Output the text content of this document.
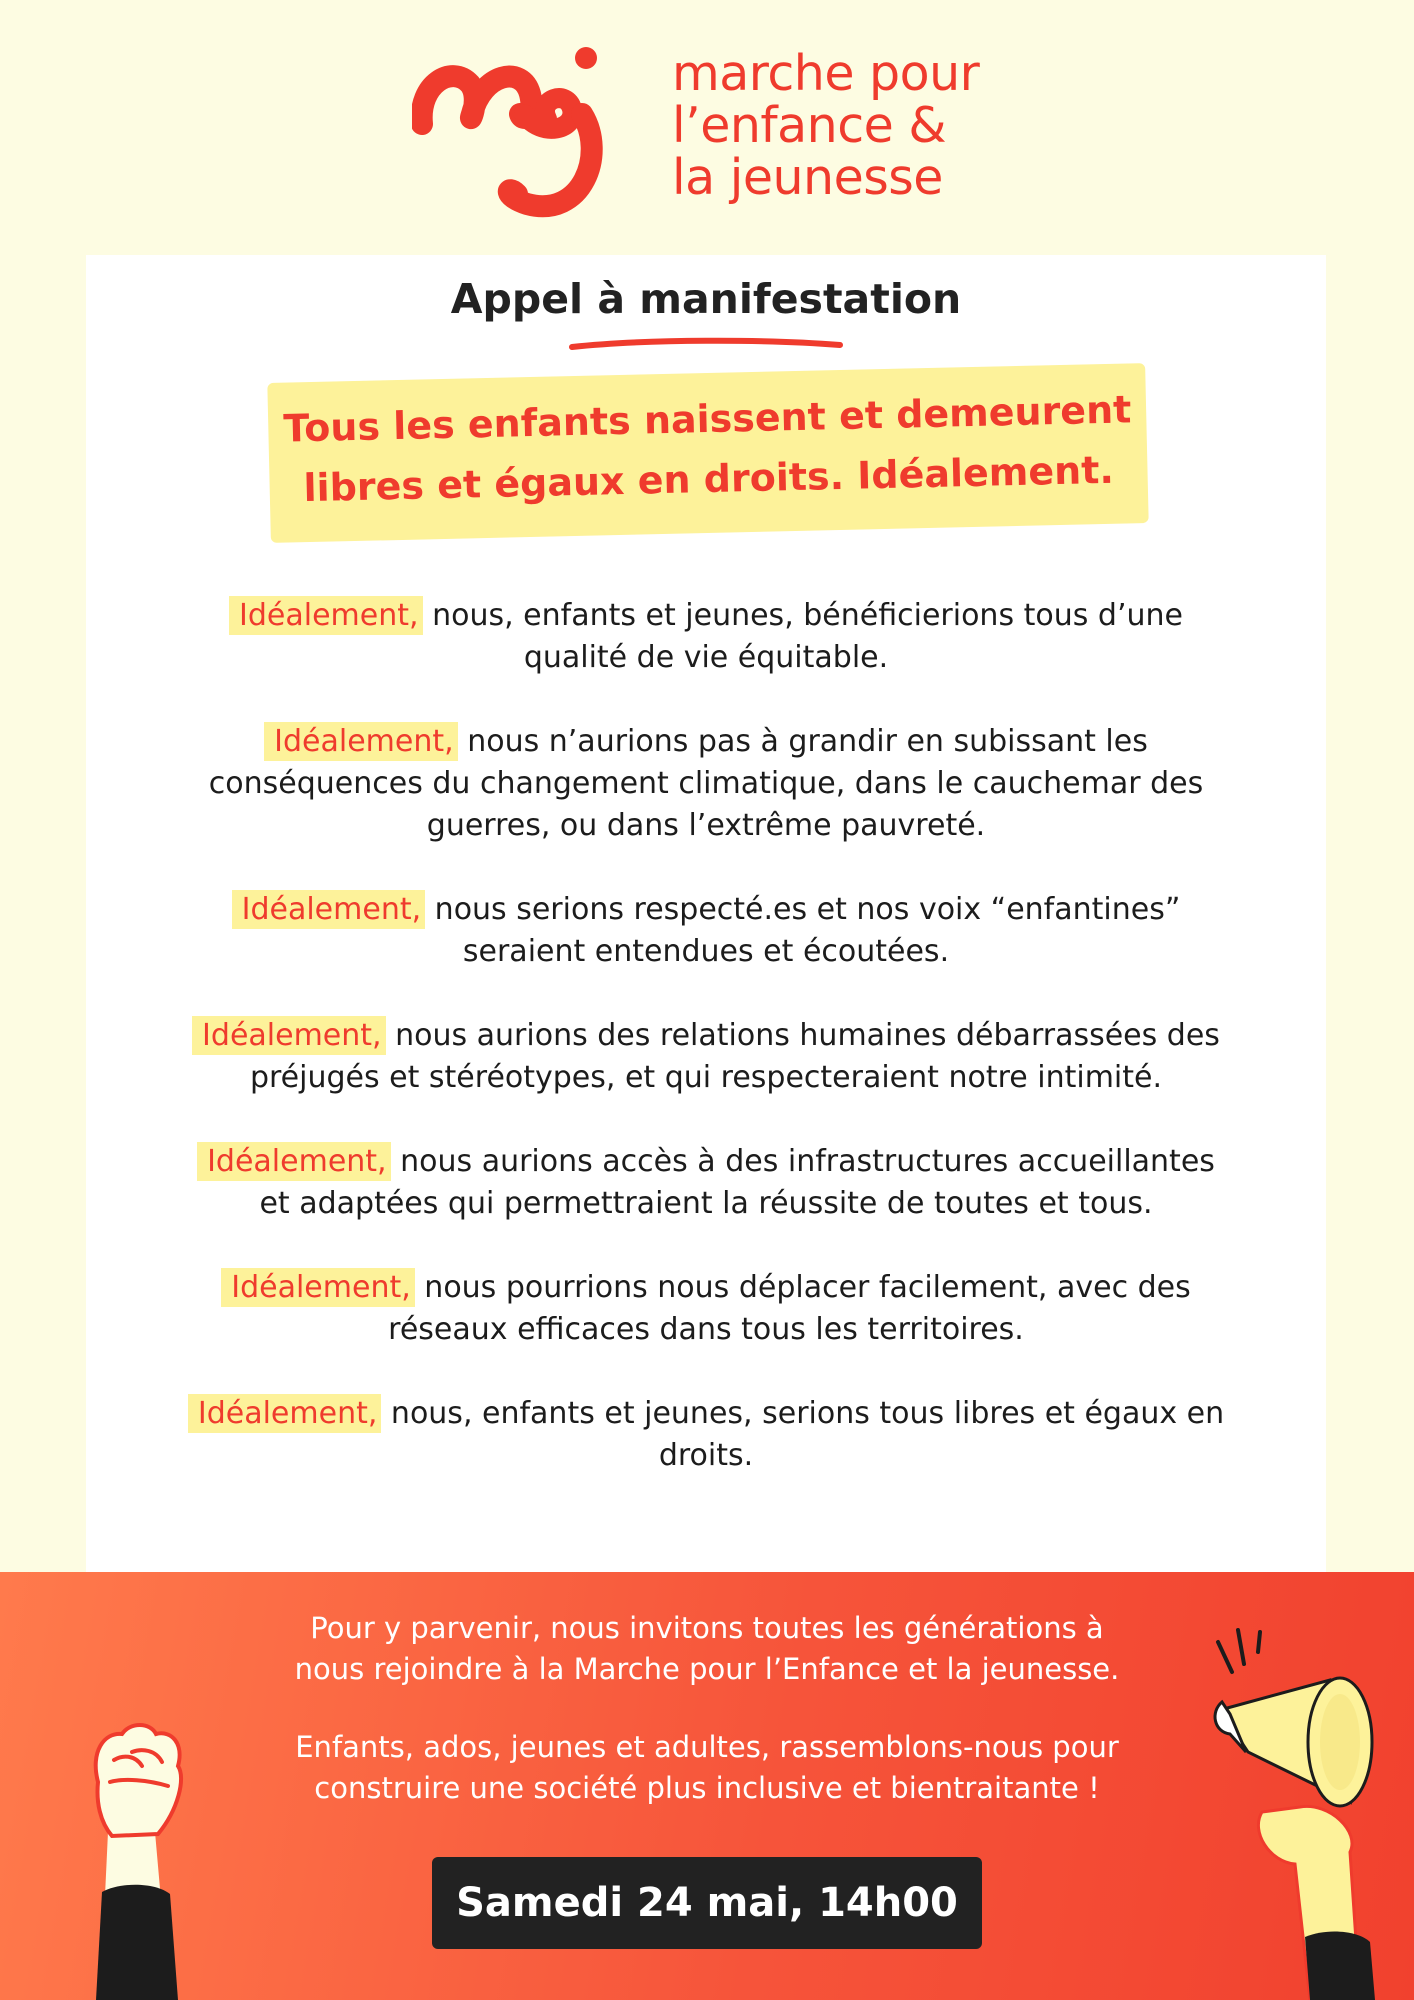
marche pour
l’enfance &
la jeunesse
Appel à manifestation
Tous les enfants naissent et demeurent
libres et égaux en droits. Idéalement.

Idéalement, nous, enfants et jeunes, bénéficierions tous d’une qualité de vie équitable.

Idéalement, nous n’aurions pas à grandir en subissant les conséquences du changement climatique, dans le cauchemar des guerres, ou dans l’extrême pauvreté.

Idéalement, nous serions respecté.es et nos voix “enfantines” seraient entendues et écoutées.

Idéalement, nous aurions des relations humaines débarrassées des préjugés et stéréotypes, et qui respecteraient notre intimité.

Idéalement, nous aurions accès à des infrastructures accueillantes et adaptées qui permettraient la réussite de toutes et tous.

Idéalement, nous pourrions nous déplacer facilement, avec des réseaux efficaces dans tous les territoires.

Idéalement, nous, enfants et jeunes, serions tous libres et égaux en droits.

Pour y parvenir, nous invitons toutes les générations à
nous rejoindre à la Marche pour l’Enfance et la jeunesse.

Enfants, ados, jeunes et adultes, rassemblons-nous pour
construire une société plus inclusive et bientraitante !

Samedi 24 mai, 14h00
